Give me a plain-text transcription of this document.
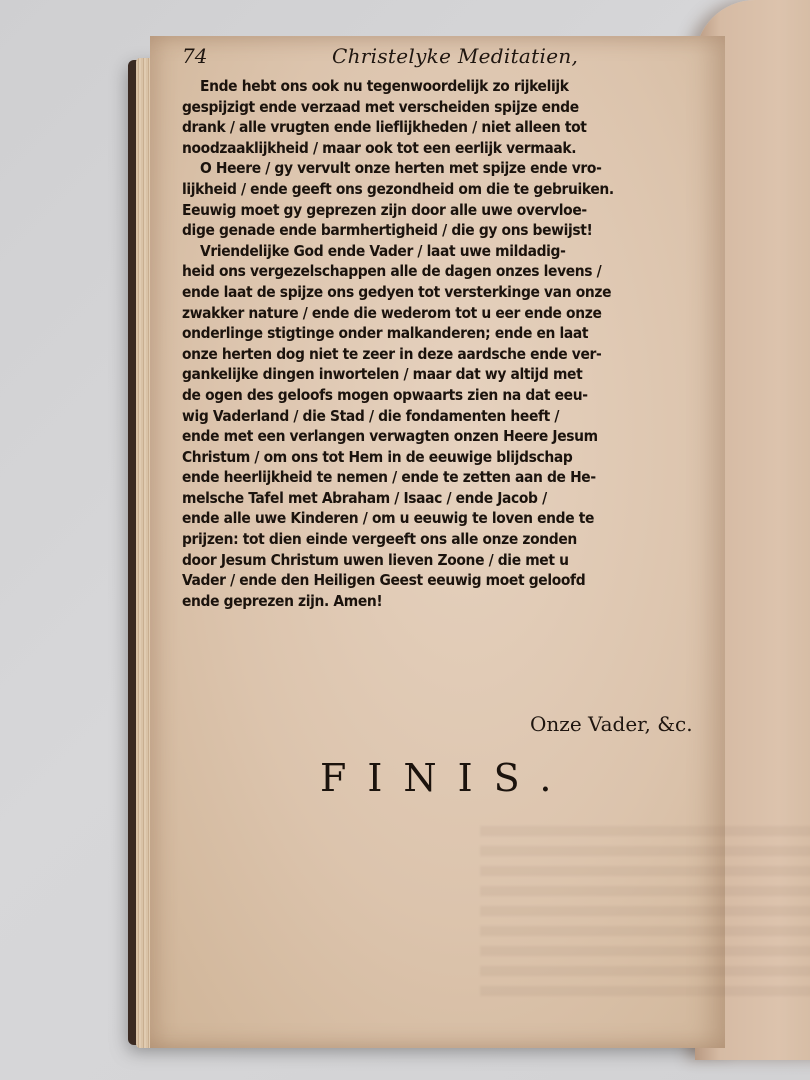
74	Christelyke Meditatien,
Ende hebt ons ook nu tegenwoordelijk zo rijkelijk
gespijzigt ende verzaad met verscheiden spijze ende
drank / alle vrugten ende lieflijkheden / niet alleen tot
noodzaaklijkheid / maar ook tot een eerlijk vermaak.
O Heere / gy vervult onze herten met spijze ende vro-
lijkheid / ende geeft ons gezondheid om die te gebruiken.
Eeuwig moet gy geprezen zijn door alle uwe overvloe-
dige genade ende barmhertigheid / die gy ons bewijst!
Vriendelijke God ende Vader / laat uwe mildadig-
heid ons vergezelschappen alle de dagen onzes levens /
ende laat de spijze ons gedyen tot versterkinge van onze
zwakker nature / ende die wederom tot u eer ende onze
onderlinge stigtinge onder malkanderen; ende en laat
onze herten dog niet te zeer in deze aardsche ende ver-
gankelijke dingen inwortelen / maar dat wy altijd met
de ogen des geloofs mogen opwaarts zien na dat eeu-
wig Vaderland / die Stad / die fondamenten heeft /
ende met een verlangen verwagten onzen Heere Jesum
Christum / om ons tot Hem in de eeuwige blijdschap
ende heerlijkheid te nemen / ende te zetten aan de He-
melsche Tafel met Abraham / Isaac / ende Jacob /
ende alle uwe Kinderen / om u eeuwig te loven ende te
prijzen: tot dien einde vergeeft ons alle onze zonden
door Jesum Christum uwen lieven Zoone / die met u
Vader / ende den Heiligen Geest eeuwig moet geloofd
ende geprezen zijn. Amen!
Onze Vader, &c.
FINIS.
